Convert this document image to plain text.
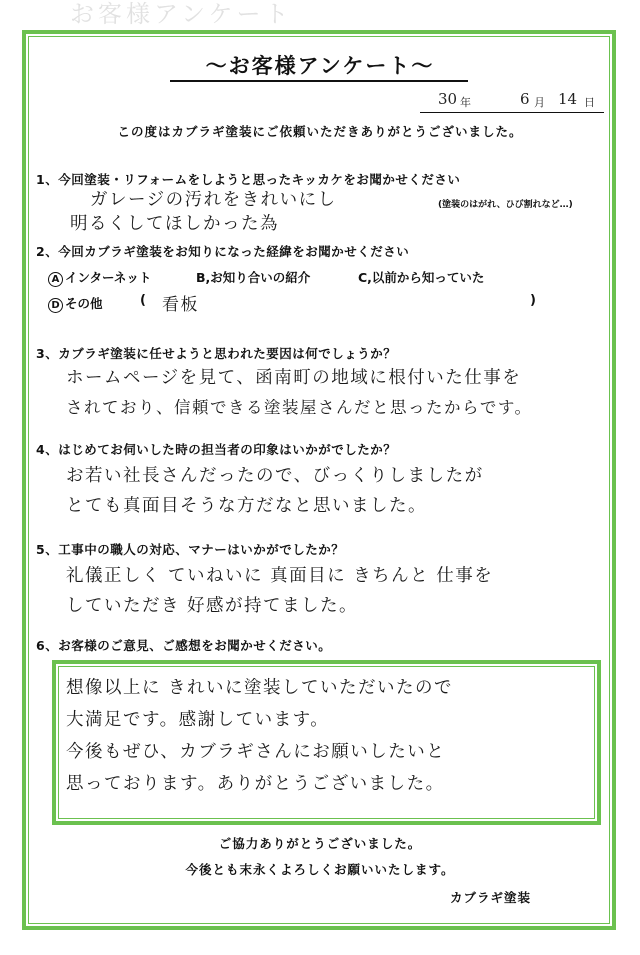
お客様アンケート
～お客様アンケート～
30 年	6 月 14 日
この度はカブラギ塗装にご依頼いただきありがとうございました。
1、今回塗装・リフォームをしようと思ったキッカケをお聞かせください
ガレージの汚れをきれいにし
明るくしてほしかった為
(塗装のはがれ、ひび割れなど…)
2、今回カブラギ塗装をお知りになった経緯をお聞かせください
A インターネット	B,お知り合いの紹介	C,以前から知っていた
D その他	( 看板	)
3、カブラギ塗装に任せようと思われた要因は何でしょうか？
ホームページを見て、函南町の地域に根付いた仕事を
されており、信頼できる塗装屋さんだと思ったからです。
4、はじめてお伺いした時の担当者の印象はいかがでしたか？
お若い社長さんだったので、びっくりしましたが
とても真面目そうな方だなと思いました。
5、工事中の職人の対応、マナーはいかがでしたか？
礼儀正しく ていねいに 真面目に きちんと 仕事を
していただき 好感が持てました。
6、お客様のご意見、ご感想をお聞かせください。
想像以上に きれいに塗装していただいたので
大満足です。感謝しています。
今後もぜひ、カブラギさんにお願いしたいと
思っております。ありがとうございました。
ご協力ありがとうございました。
今後とも末永くよろしくお願いいたします。
カブラギ塗装
